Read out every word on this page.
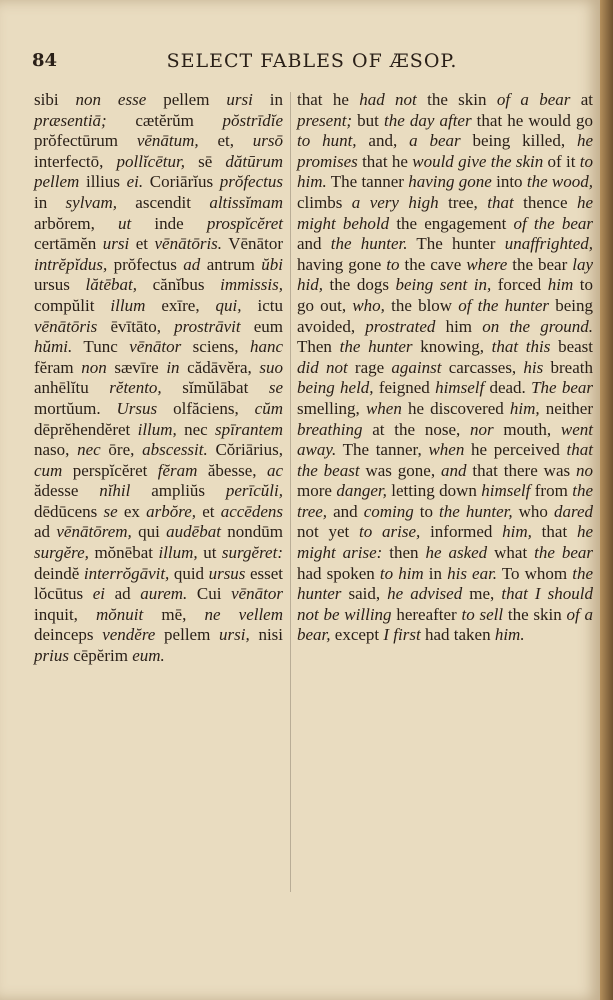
84	SELECT FABLES OF ÆSOP.

sibi non esse pellem ursi in præsentiā; cætĕrŭm pŏstrīdĭe prŏfectūrum vēnātum, et, ursō interfectō, pollĭcētur, sē dătūrum pellem illius ei. Coriārĭus prŏfectus in sylvam, ascendit altissĭmam arbŏrem, ut inde prospĭcĕret certāmĕn ursi et vēnātōris. Vēnātor intrĕpĭdus, prŏfectus ad antrum ŭbi ursus lătēbat, cănĭbus immissis, compŭlit illum exīre, qui, ictu vēnātōris ēvītāto, prostrāvit eum hŭmi. Tunc vēnātor sciens, hanc fĕram non sævīre in cădāvĕra, suo anhēlĭtu rĕtento, sĭmŭlābat se mortŭum. Ursus olfăciens, cŭm dēprĕhendĕret illum, nec spīrantem naso, nec ōre, abscessit. Cŏriārius, cum perspĭcĕret fĕram ăbesse, ac ădesse nĭhil ampliŭs perīcŭli, dēdūcens se ex arbŏre, et accēdens ad vēnātōrem, qui audēbat nondūm surgĕre, mŏnēbat illum, ut surgĕret: deindĕ interrŏgāvit, quid ursus esset lŏcūtus ei ad aurem. Cui vēnātor inquit, mŏnuit mē, ne vellem deinceps vendĕre pellem ursi, nisi prius cēpĕrim eum.

that he had not the skin of a bear at present; but the day after that he would go to hunt, and, a bear being killed, he promises that he would give the skin of it to him. The tanner having gone into the wood, climbs a very high tree, that thence he might behold the engagement of the bear and the hunter. The hunter unaffrighted, having gone to the cave where the bear lay hid, the dogs being sent in, forced him to go out, who, the blow of the hunter being avoided, prostrated him on the ground. Then the hunter knowing, that this beast did not rage against carcasses, his breath being held, feigned himself dead. The bear smelling, when he discovered him, neither breathing at the nose, nor mouth, went away. The tanner, when he perceived that the beast was gone, and that there was no more danger, letting down himself from the tree, and coming to the hunter, who dared not yet to arise, informed him, that he might arise: then he asked what the bear had spoken to him in his ear. To whom the hunter said, he advised me, that I should not be willing hereafter to sell the skin of a bear, except I first had taken him.
